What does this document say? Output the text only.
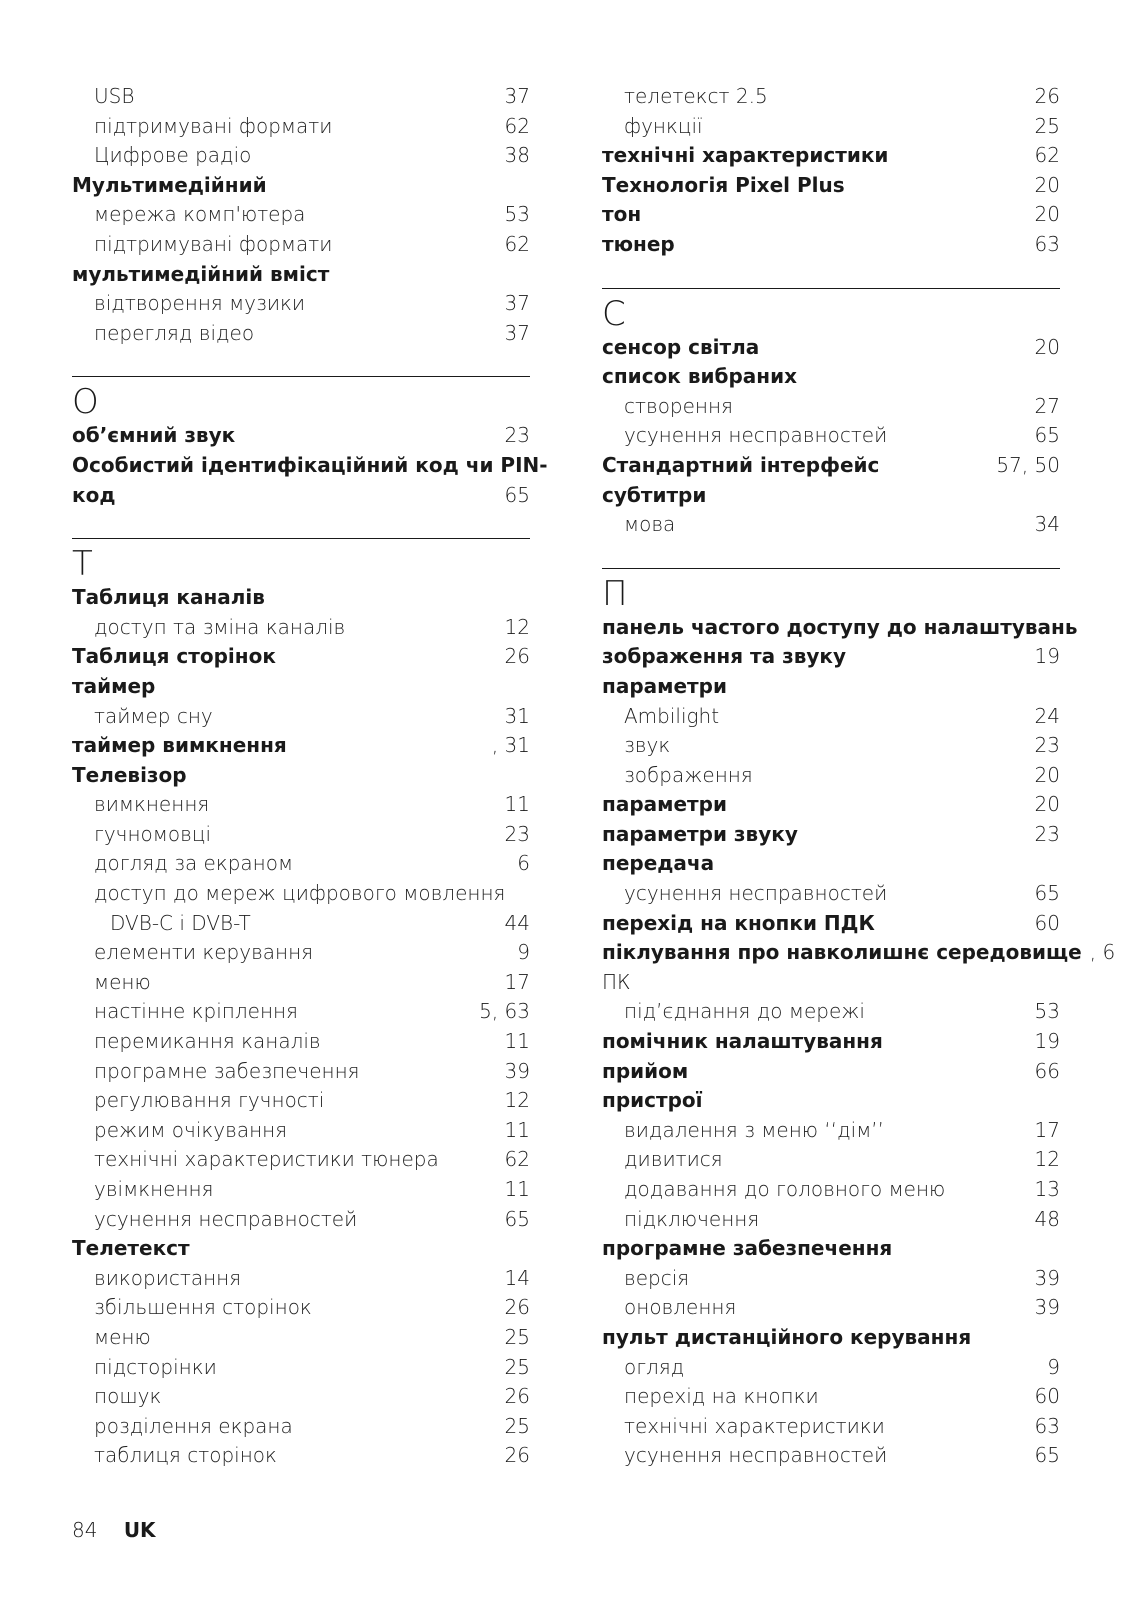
USB	37
підтримувані формати	62
Цифрове радіо	38
Мультимедійний
мережа комп'ютера	53
підтримувані формати	62
мультимедійний вміст
відтворення музики	37
перегляд відео	37
О
об’ємний звук	23
Особистий ідентифікаційний код чи PIN-
код	65
Т
Таблиця каналів
доступ та зміна каналів	12
Таблиця сторінок	26
таймер
таймер сну	31
таймер вимкнення	, 31
Телевізор
вимкнення	11
гучномовці	23
догляд за екраном	6
доступ до мереж цифрового мовлення
DVB-C і DVB-T	44
елементи керування	9
меню	17
настінне кріплення	5, 63
перемикання каналів	11
програмне забезпечення	39
регулювання гучності	12
режим очікування	11
технічні характеристики тюнера	62
увімкнення	11
усунення несправностей	65
Телетекст
використання	14
збільшення сторінок	26
меню	25
підсторінки	25
пошук	26
розділення екрана	25
таблиця сторінок	26
телетекст 2.5	26
функції	25
технічні характеристики	62
Технологія Pixel Plus	20
тон	20
тюнер	63
С
сенсор світла	20
список вибраних
створення	27
усунення несправностей	65
Стандартний інтерфейс	57, 50
субтитри
мова	34
П
панель частого доступу до налаштувань
зображення та звуку	19
параметри
Ambilight	24
звук	23
зображення	20
параметри	20
параметри звуку	23
передача
усунення несправностей	65
перехід на кнопки ПДК	60
піклування про навколишнє середовище , 6
ПК
під’єднання до мережі	53
помічник налаштування	19
прийом	66
пристрої
видалення з меню ‘‘дім’’	17
дивитися	12
додавання до головного меню	13
підключення	48
програмне забезпечення
версія	39
оновлення	39
пульт дистанційного керування
огляд	9
перехід на кнопки	60
технічні характеристики	63
усунення несправностей	65
84 UK
